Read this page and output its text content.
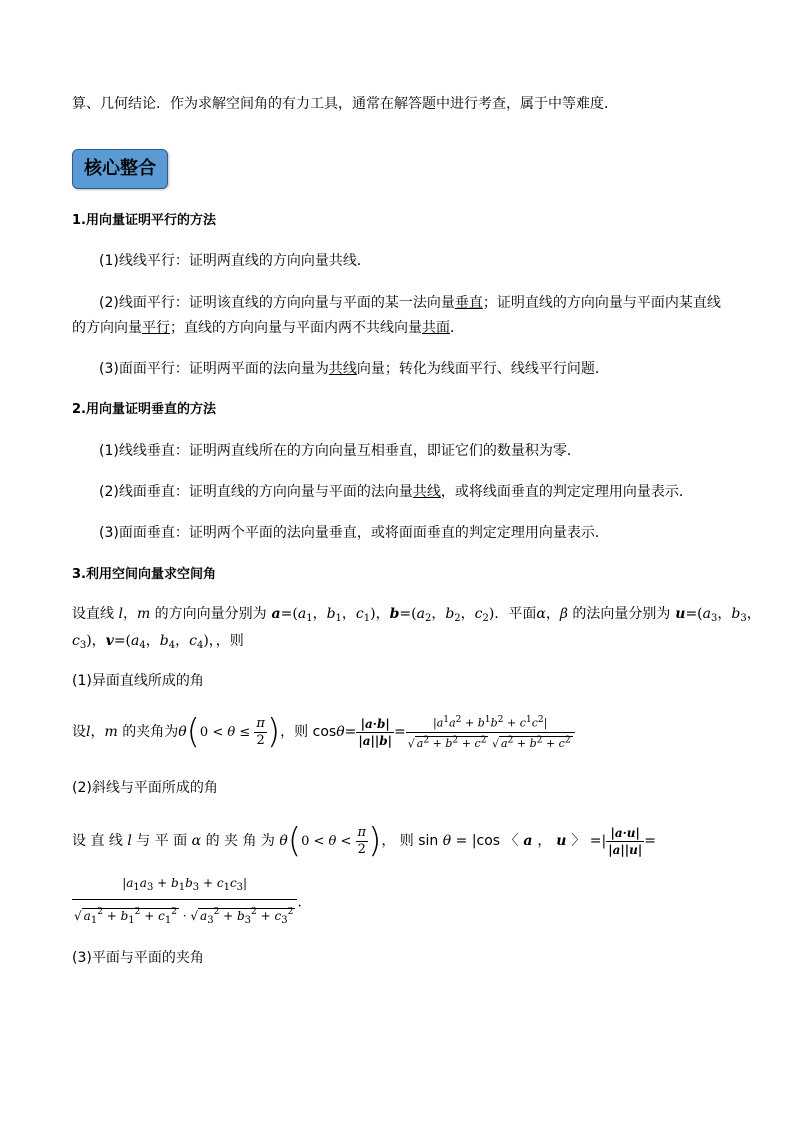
算、几何结论．作为求解空间角的有力工具，通常在解答题中进行考查，属于中等难度．
核心整合
1.用向量证明平行的方法
(1)线线平行：证明两直线的方向向量共线．
(2)线面平行：证明该直线的方向向量与平面的某一法向量垂直；证明直线的方向向量与平面内某直线
的方向向量平行；直线的方向向量与平面内两不共线向量共面．
(3)面面平行：证明两平面的法向量为共线向量；转化为线面平行、线线平行问题．
2.用向量证明垂直的方法
(1)线线垂直：证明两直线所在的方向向量互相垂直，即证它们的数量积为零．
(2)线面垂直：证明直线的方向向量与平面的法向量共线，或将线面垂直的判定定理用向量表示．
(3)面面垂直：证明两个平面的法向量垂直，或将面面垂直的判定定理用向量表示．
3.利用空间向量求空间角
设直线 l，m 的方向向量分别为 $a=(a_1$，$b_1$，$c_1$)，$b=(a_2$，$b_2$，$c_2$)．平面α，β 的法向量分别为 $u=(a_3$，$b_3$，
$c_3$)，$v=(a_4$，$b_4$，$c_4$)，，则
(1)异面直线所成的角
设l，m 的夹角为$\theta(0 < \theta \le \frac{\pi}{2}$ )，则 $\cos\theta= \frac{|a\cdot b|}{|a||b|} = \frac{|a^1a^2 + b^1b^2 + c^1c^2|}{√ a^2 + b^2 + c^2 √ a^2 + b^2 + c^2}$
(2)斜线与平面所成的角
设 直 线 l 与 平 面 α 的 夹 角 为 $\theta(0 < \theta < \frac{\pi}{2}$ )， 则 sin θ = |cos 〈 a ， u 〉 =| $\frac{|a\cdot u|}{|a||u|}$ =
$\frac{|a_1a_3 + b_1b_3 + c_1c_3|}{√ a_1^2 + b_1^2 + c_1^2 \cdot √ a_3^2 + b_3^2 + c_3^2}$ .
(3)平面与平面的夹角
